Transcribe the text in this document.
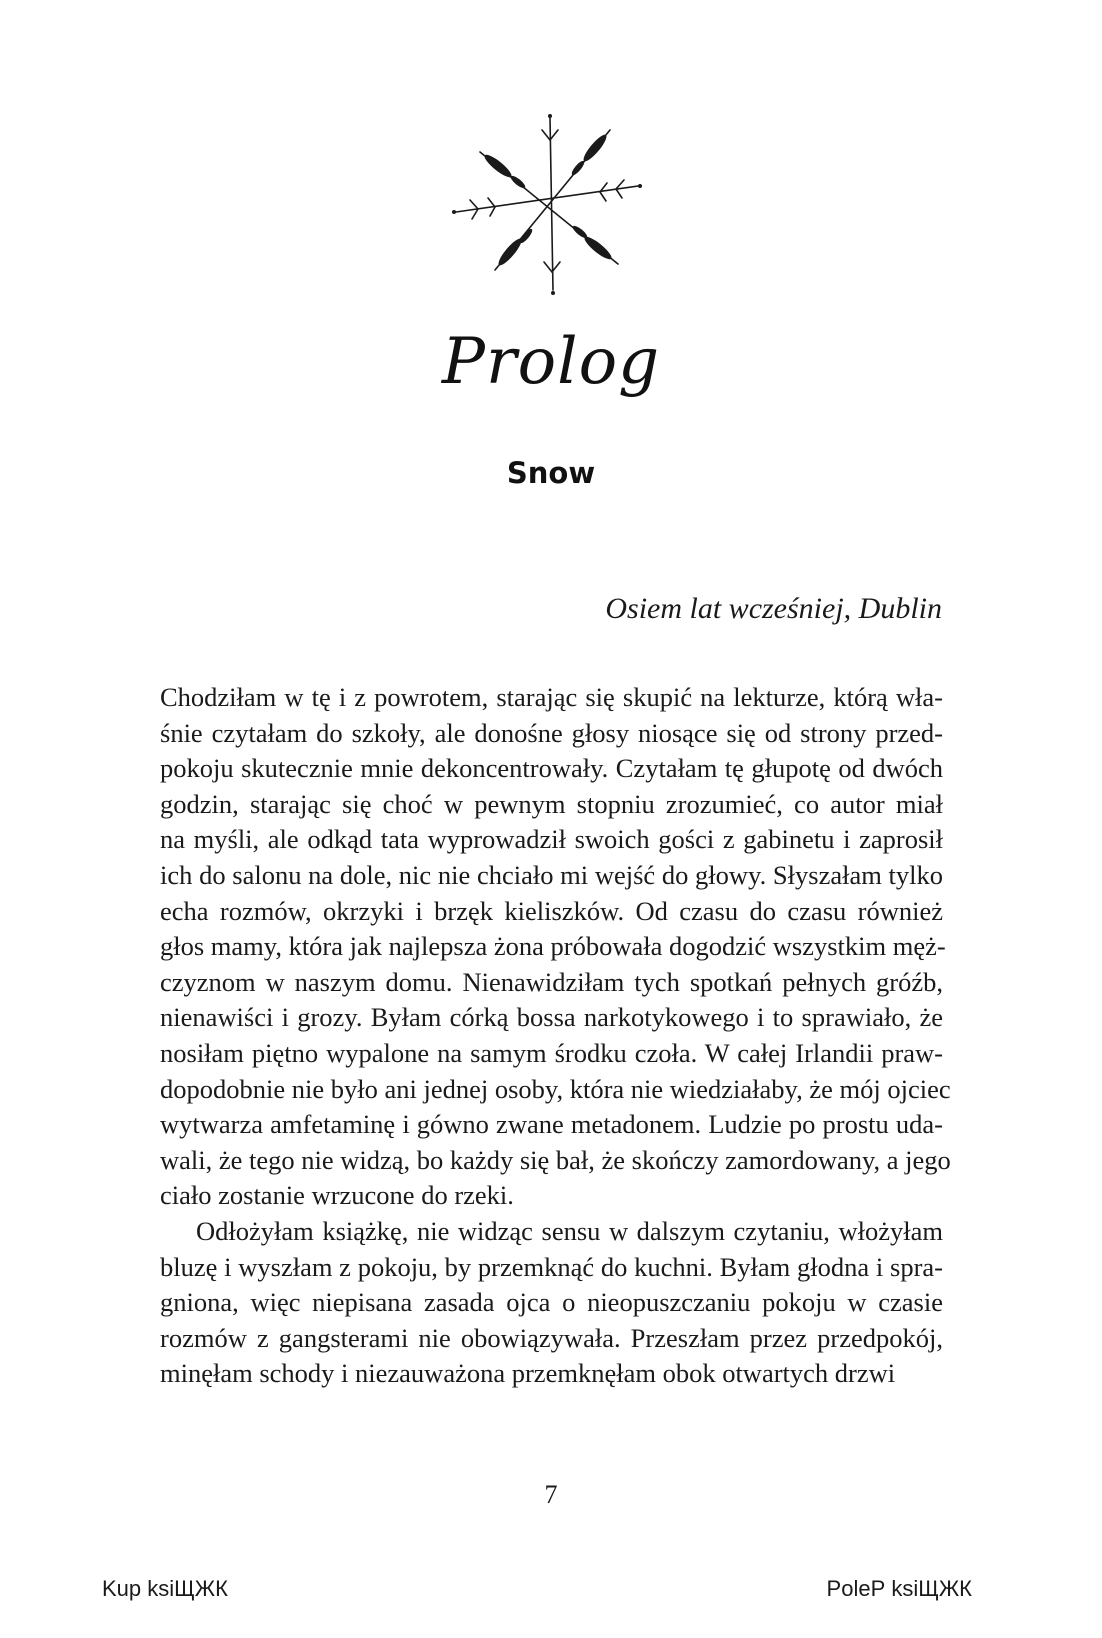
Prolog
Snow
Osiem lat wcześniej, Dublin
Chodziłam w tę i z powrotem, starając się skupić na lekturze, którą wła-
śnie czytałam do szkoły, ale donośne głosy niosące się od strony przed-
pokoju skutecznie mnie dekoncentrowały. Czytałam tę głupotę od dwóch
godzin, starając się choć w pewnym stopniu zrozumieć, co autor miał
na myśli, ale odkąd tata wyprowadził swoich gości z gabinetu i zaprosił
ich do salonu na dole, nic nie chciało mi wejść do głowy. Słyszałam tylko
echa rozmów, okrzyki i brzęk kieliszków. Od czasu do czasu również
głos mamy, która jak najlepsza żona próbowała dogodzić wszystkim męż-
czyznom w naszym domu. Nienawidziłam tych spotkań pełnych gróźb,
nienawiści i grozy. Byłam córką bossa narkotykowego i to sprawiało, że
nosiłam piętno wypalone na samym środku czoła. W całej Irlandii praw-
dopodobnie nie było ani jednej osoby, która nie wiedziałaby, że mój ojciec
wytwarza amfetaminę i gówno zwane metadonem. Ludzie po prostu uda-
wali, że tego nie widzą, bo każdy się bał, że skończy zamordowany, a jego
ciało zostanie wrzucone do rzeki.
Odłożyłam książkę, nie widząc sensu w dalszym czytaniu, włożyłam
bluzę i wyszłam z pokoju, by przemknąć do kuchni. Byłam głodna i spra-
gniona, więc niepisana zasada ojca o nieopuszczaniu pokoju w czasie
rozmów z gangsterami nie obowiązywała. Przeszłam przez przedpokój,
minęłam schody i niezauważona przemknęłam obok otwartych drzwi
7
Kup ksiЩЖК	PoleР ksiЩЖК
